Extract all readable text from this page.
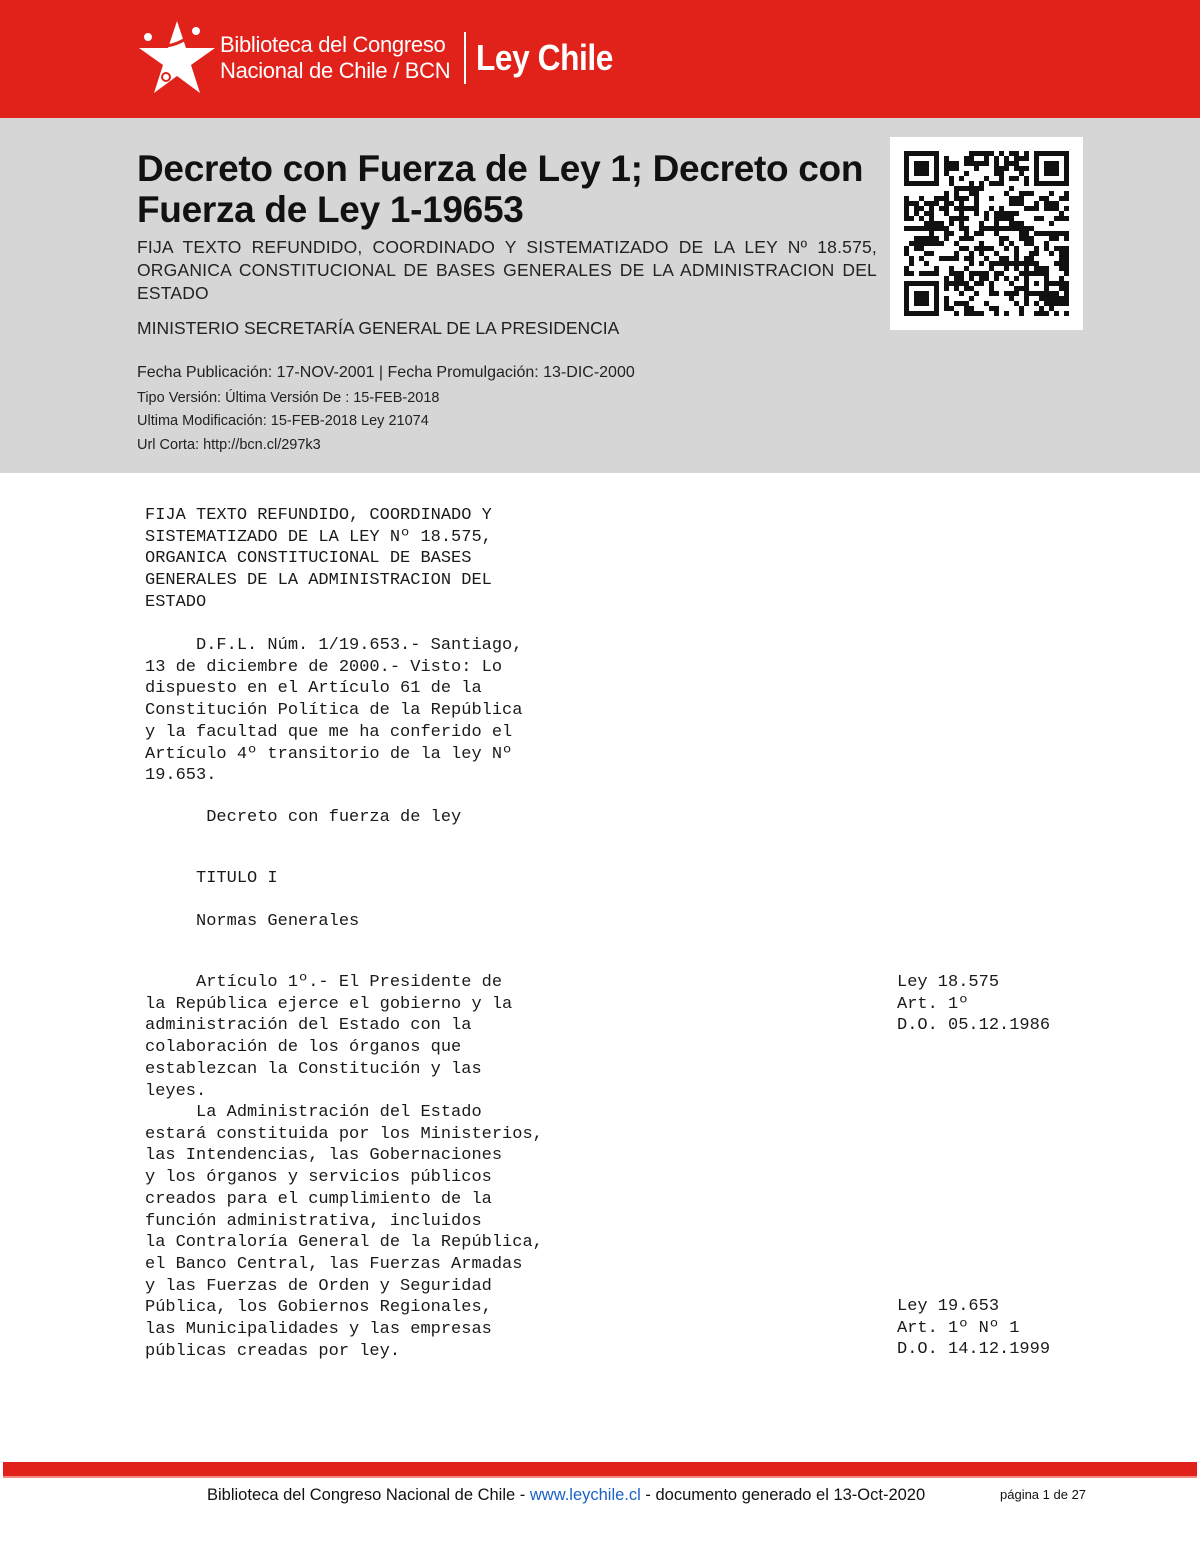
Biblioteca del Congreso
Nacional de Chile / BCN Ley Chile
Decreto con Fuerza de Ley 1; Decreto con Fuerza de Ley 1-19653
FIJA TEXTO REFUNDIDO, COORDINADO Y SISTEMATIZADO DE LA LEY Nº 18.575, ORGANICA CONSTITUCIONAL DE BASES GENERALES DE LA ADMINISTRACION DEL ESTADO
MINISTERIO SECRETARÍA GENERAL DE LA PRESIDENCIA
Fecha Publicación: 17-NOV-2001 | Fecha Promulgación: 13-DIC-2000
Tipo Versión: Última Versión De : 15-FEB-2018
Ultima Modificación: 15-FEB-2018 Ley 21074
Url Corta: http://bcn.cl/297k3
FIJA TEXTO REFUNDIDO, COORDINADO Y
SISTEMATIZADO DE LA LEY Nº 18.575,
ORGANICA CONSTITUCIONAL DE BASES
GENERALES DE LA ADMINISTRACION DEL
ESTADO
D.F.L. Núm. 1/19.653.- Santiago,
13 de diciembre de 2000.- Visto: Lo
dispuesto en el Artículo 61 de la
Constitución Política de la República
y la facultad que me ha conferido el
Artículo 4º transitorio de la ley Nº
19.653.
Decreto con fuerza de ley
TITULO I
Normas Generales
Artículo 1º.- El Presidente de
la República ejerce el gobierno y la
administración del Estado con la
colaboración de los órganos que
establezcan la Constitución y las
leyes.
La Administración del Estado
estará constituida por los Ministerios,
las Intendencias, las Gobernaciones
y los órganos y servicios públicos
creados para el cumplimiento de la
función administrativa, incluidos
la Contraloría General de la República,
el Banco Central, las Fuerzas Armadas
y las Fuerzas de Orden y Seguridad
Pública, los Gobiernos Regionales,
las Municipalidades y las empresas
públicas creadas por ley.
Ley 18.575
Art. 1º
D.O. 05.12.1986
Ley 19.653
Art. 1º Nº 1
D.O. 14.12.1999
Biblioteca del Congreso Nacional de Chile - www.leychile.cl - documento generado el 13-Oct-2020	página 1 de 27
